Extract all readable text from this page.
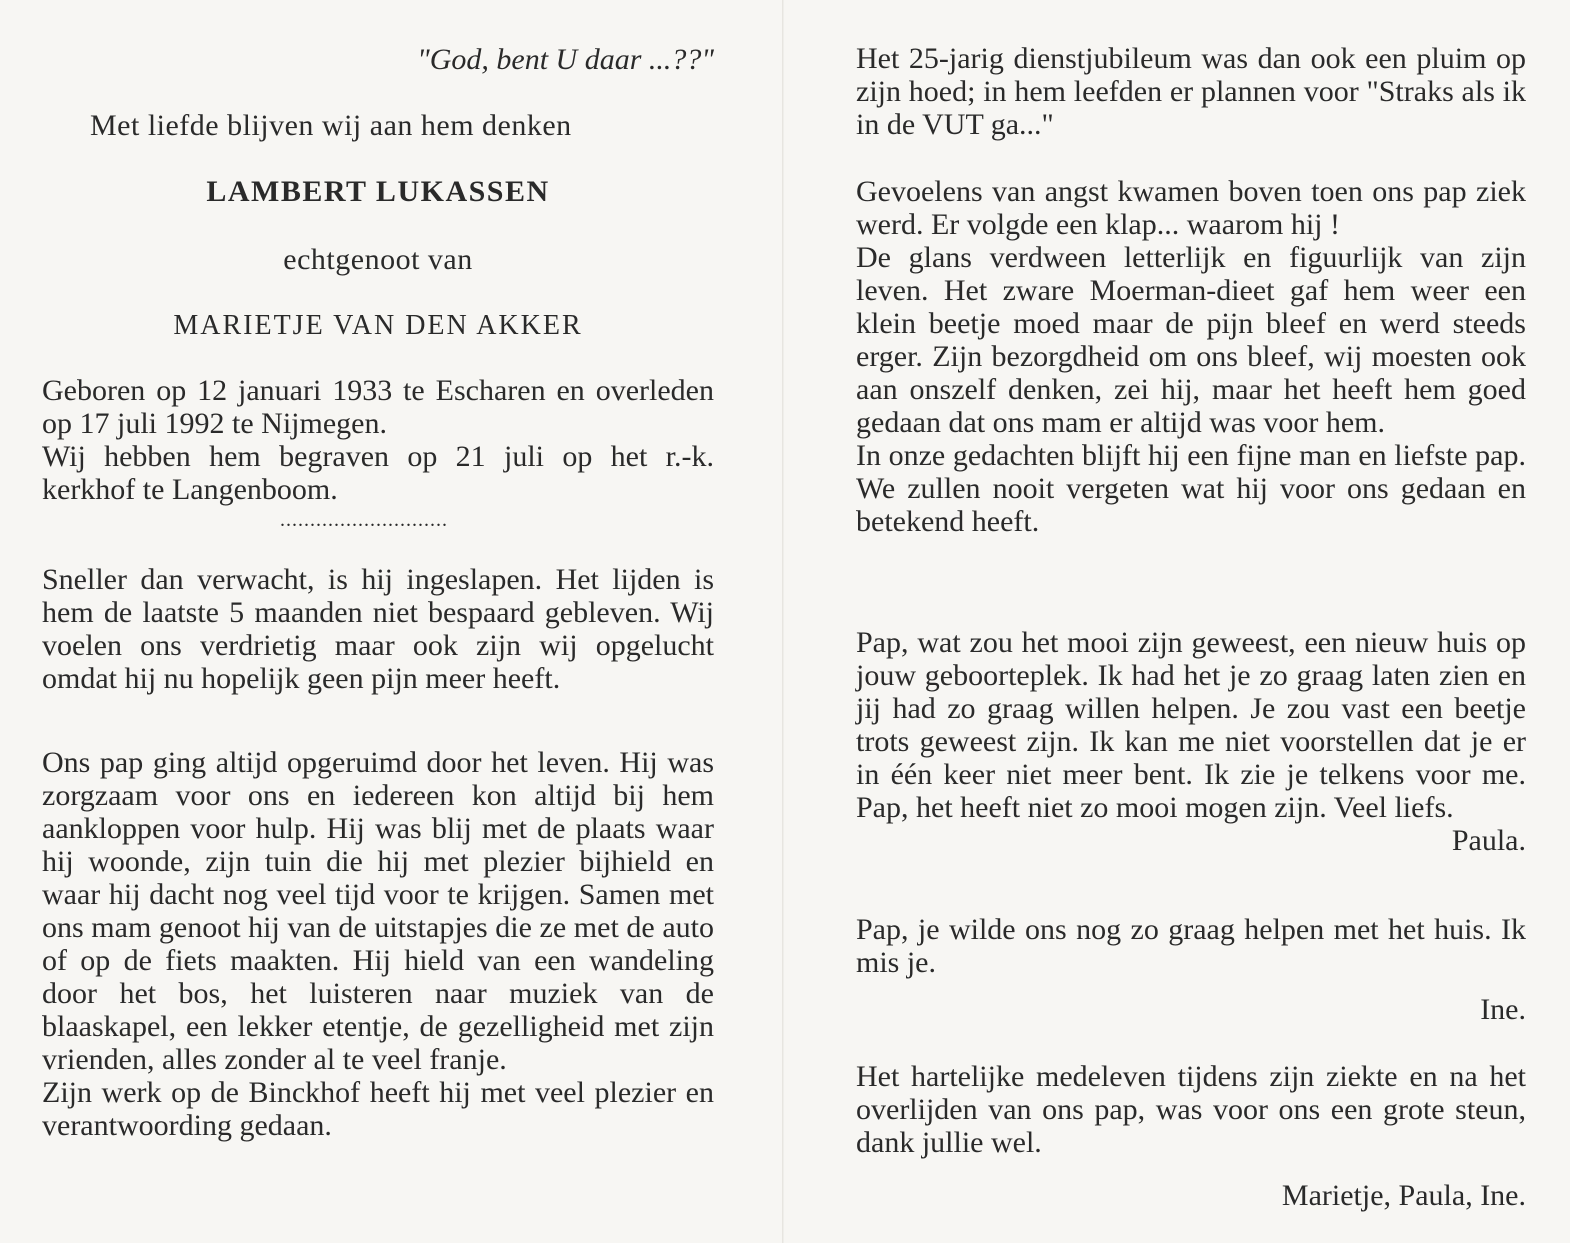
"God, bent U daar ...??"
Met liefde blijven wij aan hem denken
LAMBERT LUKASSEN
echtgenoot van
MARIETJE VAN DEN AKKER

Geboren op 12 januari 1933 te Escharen en overleden op 17 juli 1992 te Nijmegen.

Wij hebben hem begraven op 21 juli op het r.-k. kerkhof te Langenboom.

............................

Sneller dan verwacht, is hij ingeslapen. Het lijden is hem de laatste 5 maanden niet bespaard gebleven. Wij voelen ons verdrietig maar ook zijn wij opgelucht omdat hij nu hopelijk geen pijn meer heeft.

Ons pap ging altijd opgeruimd door het leven. Hij was zorgzaam voor ons en iedereen kon altijd bij hem aankloppen voor hulp. Hij was blij met de plaats waar hij woonde, zijn tuin die hij met plezier bijhield en waar hij dacht nog veel tijd voor te krijgen. Samen met ons mam genoot hij van de uitstapjes die ze met de auto of op de fiets maakten. Hij hield van een wandeling door het bos, het luisteren naar muziek van de blaaskapel, een lekker etentje, de gezelligheid met zijn vrienden, alles zonder al te veel franje.

Zijn werk op de Binckhof heeft hij met veel plezier en verantwoording gedaan.

Het 25-jarig dienstjubileum was dan ook een pluim op zijn hoed; in hem leefden er plannen voor "Straks als ik in de VUT ga..."

Gevoelens van angst kwamen boven toen ons pap ziek werd. Er volgde een klap... waarom hij !

De glans verdween letterlijk en figuurlijk van zijn leven. Het zware Moerman-dieet gaf hem weer een klein beetje moed maar de pijn bleef en werd steeds erger. Zijn bezorgdheid om ons bleef, wij moesten ook aan onszelf denken, zei hij, maar het heeft hem goed gedaan dat ons mam er altijd was voor hem.

In onze gedachten blijft hij een fijne man en liefste pap. We zullen nooit vergeten wat hij voor ons gedaan en betekend heeft.

Pap, wat zou het mooi zijn geweest, een nieuw huis op jouw geboorteplek. Ik had het je zo graag laten zien en jij had zo graag willen helpen. Je zou vast een beetje trots geweest zijn. Ik kan me niet voorstellen dat je er in één keer niet meer bent. Ik zie je telkens voor me. Pap, het heeft niet zo mooi mogen zijn. Veel liefs.

Paula.

Pap, je wilde ons nog zo graag helpen met het huis. Ik mis je.

Ine.

Het hartelijke medeleven tijdens zijn ziekte en na het overlijden van ons pap, was voor ons een grote steun, dank jullie wel.

Marietje, Paula, Ine.
